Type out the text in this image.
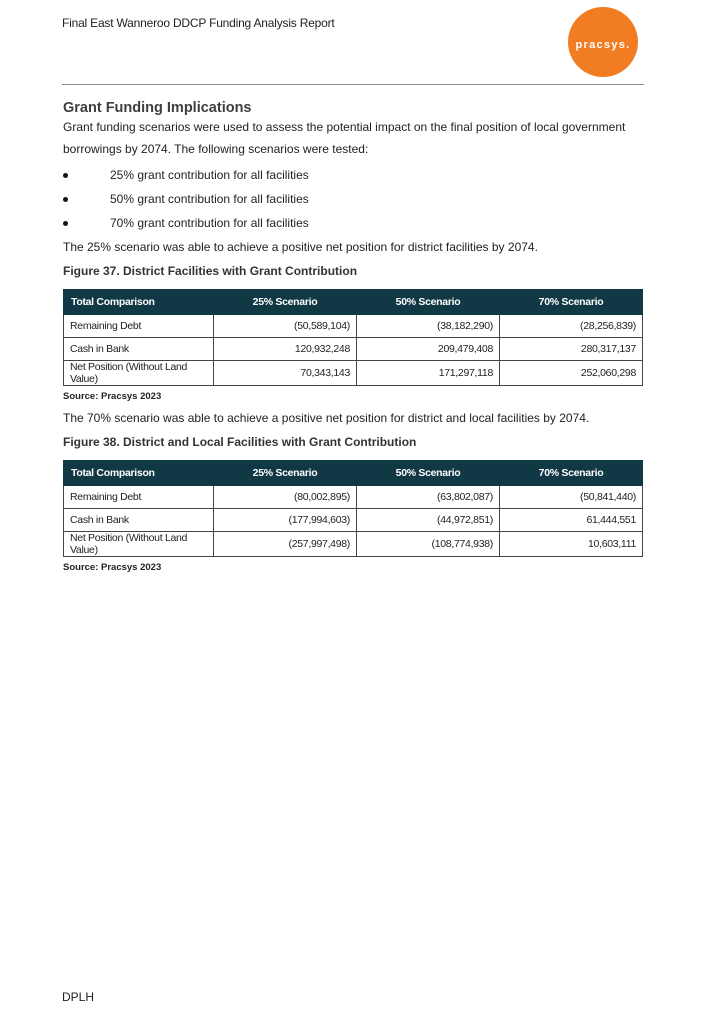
Final East Wanneroo DDCP Funding Analysis Report
pracsys.
Grant Funding Implications

Grant funding scenarios were used to assess the potential impact on the final position of local government borrowings by 2074. The following scenarios were tested:

25% grant contribution for all facilities
50% grant contribution for all facilities
70% grant contribution for all facilities

The 25% scenario was able to achieve a positive net position for district facilities by 2074.

Figure 37. District Facilities with Grant Contribution

Total Comparison	25% Scenario	50% Scenario	70% Scenario
Remaining Debt	(50,589,104)	(38,182,290)	(28,256,839)
Cash in Bank	120,932,248	209,479,408	280,317,137
Net Position (Without Land Value)	70,343,143	171,297,118	252,060,298

Source: Pracsys 2023

The 70% scenario was able to achieve a positive net position for district and local facilities by 2074.

Figure 38. District and Local Facilities with Grant Contribution

Total Comparison	25% Scenario	50% Scenario	70% Scenario
Remaining Debt	(80,002,895)	(63,802,087)	(50,841,440)
Cash in Bank	(177,994,603)	(44,972,851)	61,444,551
Net Position (Without Land Value)	(257,997,498)	(108,774,938)	10,603,111

Source: Pracsys 2023

DPLH
